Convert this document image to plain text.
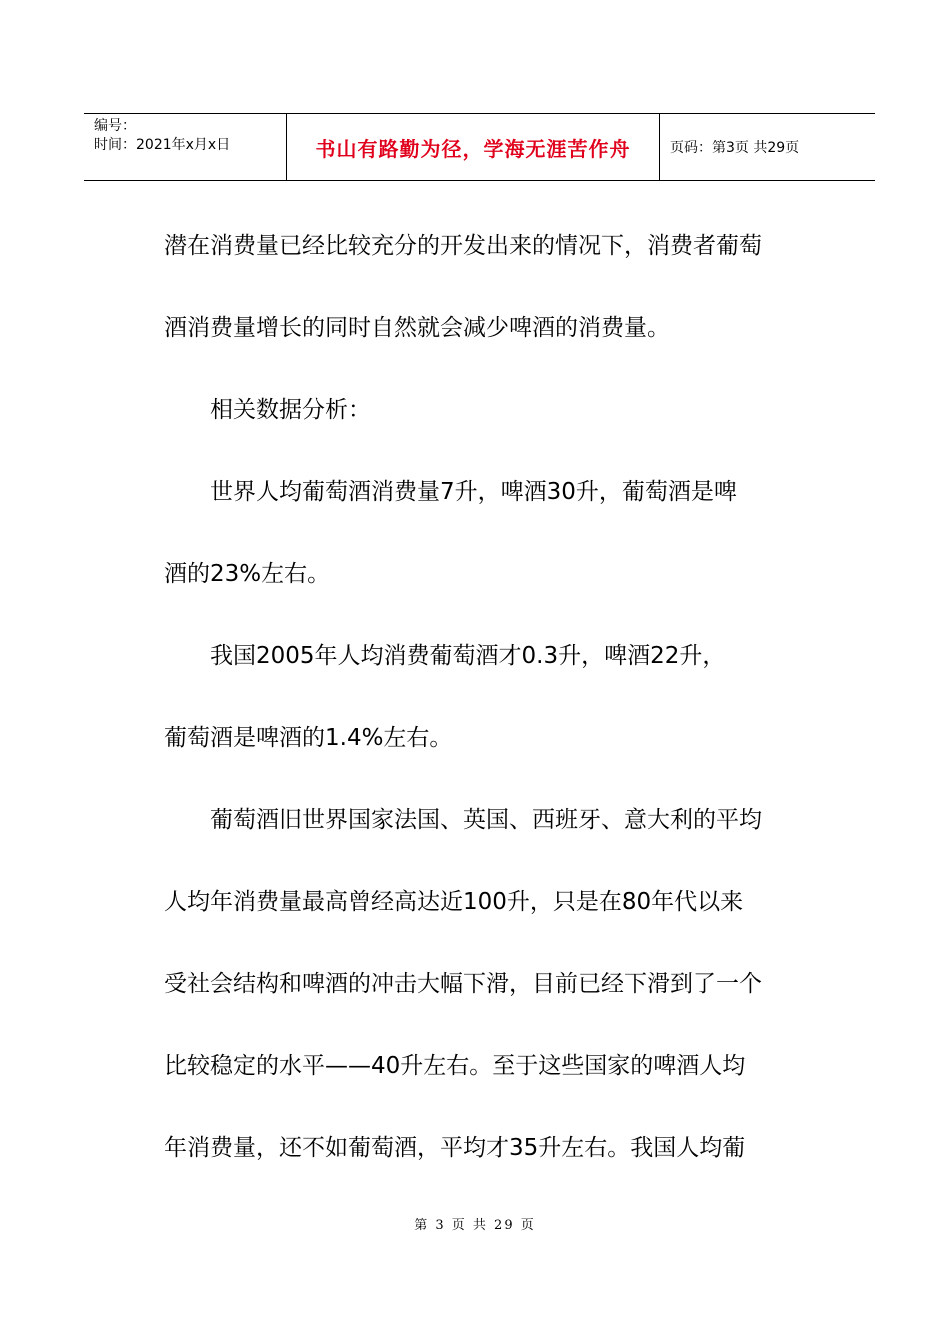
编号：
时间：2021年x月x日	书山有路勤为径，学海无涯苦作舟	页码：第3页 共29页

潜在消费量已经比较充分的开发出来的情况下，消费者葡萄

酒消费量增长的同时自然就会减少啤酒的消费量。

相关数据分析：

世界人均葡萄酒消费量7升，啤酒30升，葡萄酒是啤

酒的23%左右。

我国2005年人均消费葡萄酒才0.3升，啤酒22升，

葡萄酒是啤酒的1.4%左右。

葡萄酒旧世界国家法国、英国、西班牙、意大利的平均

人均年消费量最高曾经高达近100升，只是在80年代以来

受社会结构和啤酒的冲击大幅下滑，目前已经下滑到了一个

比较稳定的水平——40升左右。至于这些国家的啤酒人均

年消费量，还不如葡萄酒，平均才35升左右。我国人均葡

第 3 页 共 29 页
